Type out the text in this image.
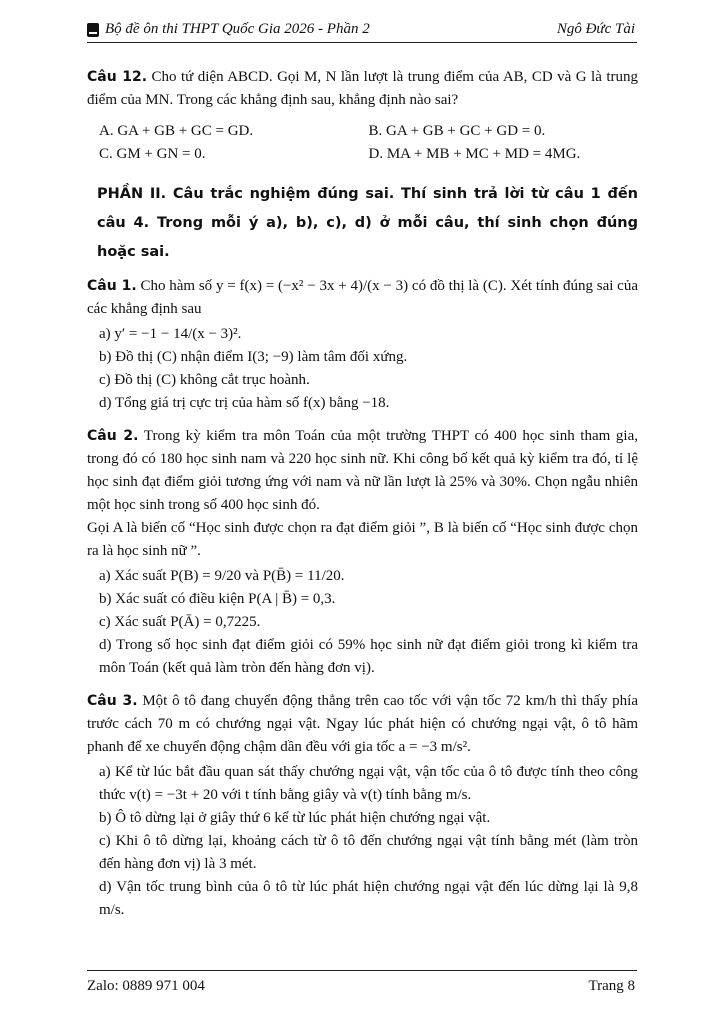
Bộ đề ôn thi THPT Quốc Gia 2026 - Phần 2	Ngô Đức Tài
Câu 12. Cho tứ diện ABCD. Gọi M, N lần lượt là trung điểm của AB, CD và G là trung điểm của MN. Trong các khẳng định sau, khẳng định nào sai?
A. GA + GB + GC = GD.	B. GA + GB + GC + GD = 0.
C. GM + GN = 0.	D. MA + MB + MC + MD = 4MG.
PHẦN II. Câu trắc nghiệm đúng sai. Thí sinh trả lời từ câu 1 đến câu 4. Trong mỗi ý a), b), c), d) ở mỗi câu, thí sinh chọn đúng hoặc sai.
Câu 1. Cho hàm số y = f(x) = (−x² − 3x + 4)/(x − 3) có đồ thị là (C). Xét tính đúng sai của các khẳng định sau
a) y′ = −1 − 14/(x − 3)².
b) Đồ thị (C) nhận điểm I(3; −9) làm tâm đối xứng.
c) Đồ thị (C) không cắt trục hoành.
d) Tổng giá trị cực trị của hàm số f(x) bằng −18.
Câu 2. Trong kỳ kiểm tra môn Toán của một trường THPT có 400 học sinh tham gia, trong đó có 180 học sinh nam và 220 học sinh nữ. Khi công bố kết quả kỳ kiểm tra đó, tỉ lệ học sinh đạt điểm giỏi tương ứng với nam và nữ lần lượt là 25% và 30%. Chọn ngẫu nhiên một học sinh trong số 400 học sinh đó.
Gọi A là biến cố “Học sinh được chọn ra đạt điểm giỏi ”, B là biến cố “Học sinh được chọn ra là học sinh nữ ”.
a) Xác suất P(B) = 9/20 và P(B̄) = 11/20.
b) Xác suất có điều kiện P(A | B̄) = 0,3.
c) Xác suất P(Ā) = 0,7225.
d) Trong số học sinh đạt điểm giỏi có 59% học sinh nữ đạt điểm giỏi trong kì kiểm tra môn Toán (kết quả làm tròn đến hàng đơn vị).
Câu 3. Một ô tô đang chuyển động thẳng trên cao tốc với vận tốc 72 km/h thì thấy phía trước cách 70 m có chướng ngại vật. Ngay lúc phát hiện có chướng ngại vật, ô tô hãm phanh để xe chuyển động chậm dần đều với gia tốc a = −3 m/s².
a) Kể từ lúc bắt đầu quan sát thấy chướng ngại vật, vận tốc của ô tô được tính theo công thức v(t) = −3t + 20 với t tính bằng giây và v(t) tính bằng m/s.
b) Ô tô dừng lại ở giây thứ 6 kể từ lúc phát hiện chướng ngại vật.
c) Khi ô tô dừng lại, khoảng cách từ ô tô đến chướng ngại vật tính bằng mét (làm tròn đến hàng đơn vị) là 3 mét.
d) Vận tốc trung bình của ô tô từ lúc phát hiện chướng ngại vật đến lúc dừng lại là 9,8 m/s.
Zalo: 0889 971 004	Trang 8
